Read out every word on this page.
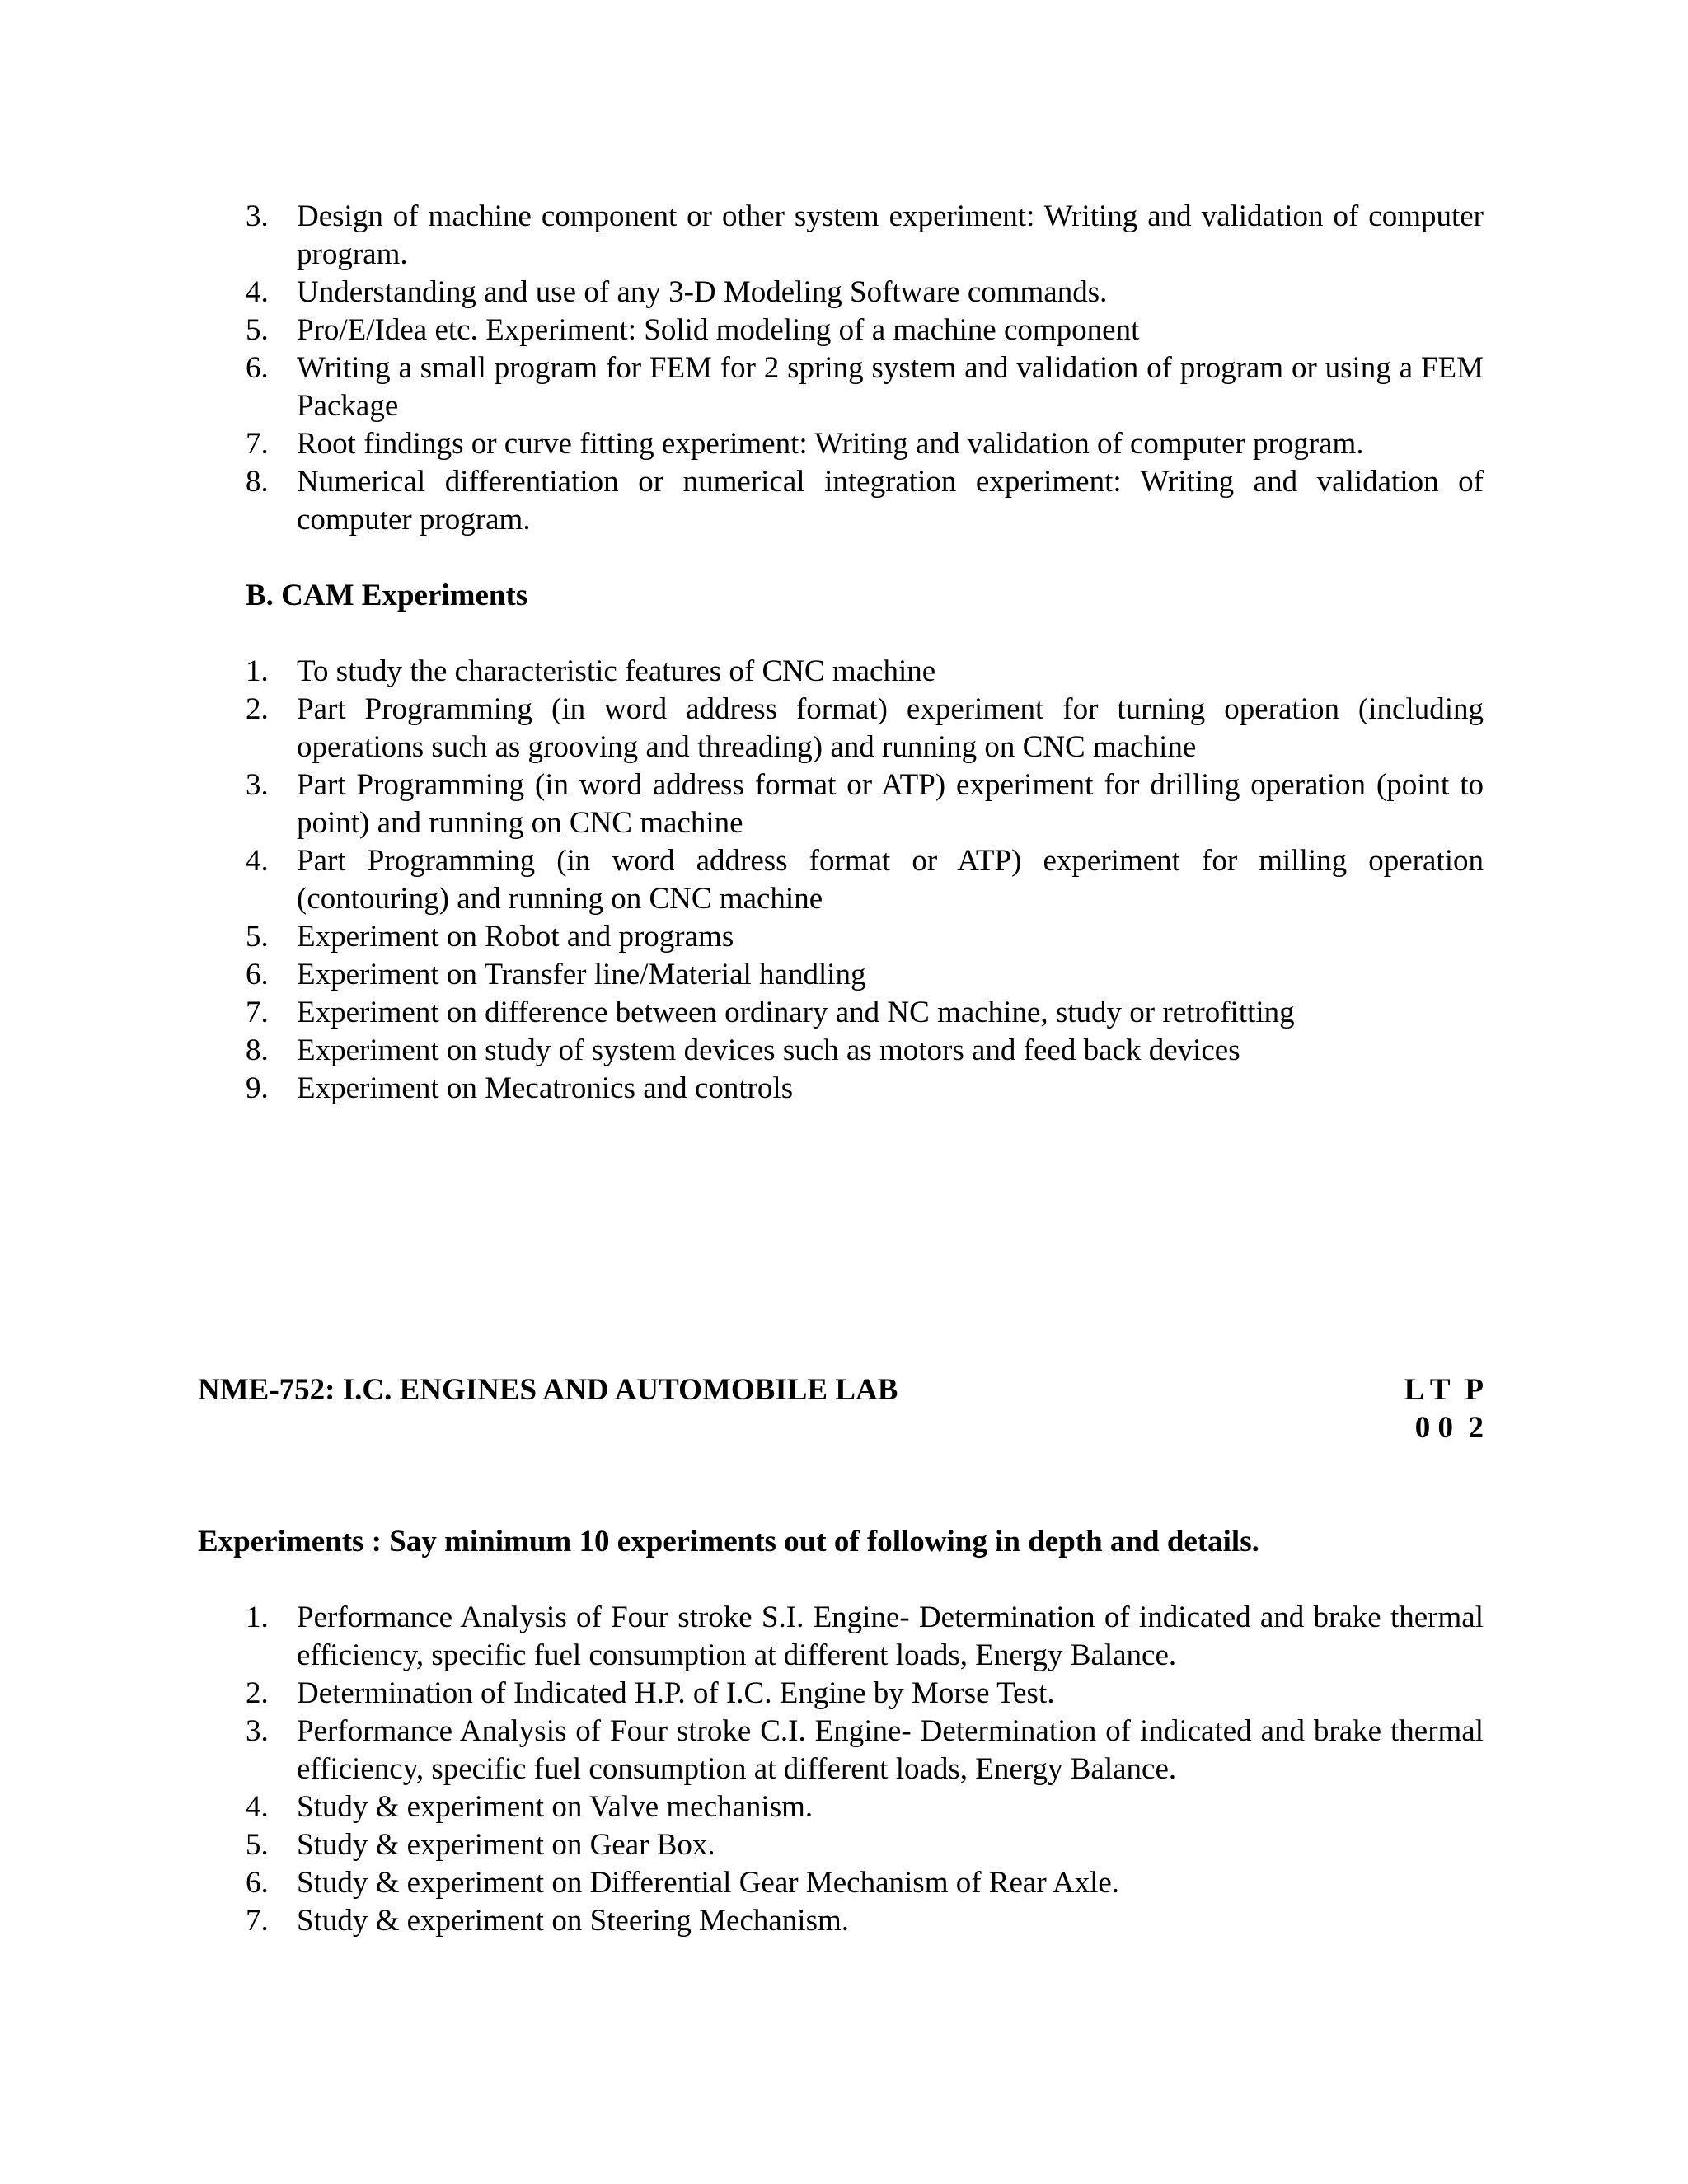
3. Design of machine component or other system experiment: Writing and validation of computer program.
4. Understanding and use of any 3-D Modeling Software commands.
5. Pro/E/Idea etc. Experiment: Solid modeling of a machine component
6. Writing a small program for FEM for 2 spring system and validation of program or using a FEM Package
7. Root findings or curve fitting experiment: Writing and validation of computer program.
8. Numerical differentiation or numerical integration experiment: Writing and validation of computer program.
B. CAM Experiments
1. To study the characteristic features of CNC machine
2. Part Programming (in word address format) experiment for turning operation (including operations such as grooving and threading) and running on CNC machine
3. Part Programming (in word address format or ATP) experiment for drilling operation (point to point) and running on CNC machine
4. Part Programming (in word address format or ATP) experiment for milling operation (contouring) and running on CNC machine
5. Experiment on Robot and programs
6. Experiment on Transfer line/Material handling
7. Experiment on difference between ordinary and NC machine, study or retrofitting
8. Experiment on study of system devices such as motors and feed back devices
9. Experiment on Mecatronics and controls
NME-752: I.C. ENGINES AND AUTOMOBILE LAB	L T  P
0 0  2
Experiments : Say minimum 10 experiments out of following in depth and details.
1. Performance Analysis of Four stroke S.I. Engine- Determination of indicated and brake thermal efficiency, specific fuel consumption at different loads, Energy Balance.
2. Determination of Indicated H.P. of I.C. Engine by Morse Test.
3. Performance Analysis of Four stroke C.I. Engine- Determination of indicated and brake thermal efficiency, specific fuel consumption at different loads, Energy Balance.
4. Study & experiment on Valve mechanism.
5. Study & experiment on Gear Box.
6. Study & experiment on Differential Gear Mechanism of Rear Axle.
7. Study & experiment on Steering Mechanism.
